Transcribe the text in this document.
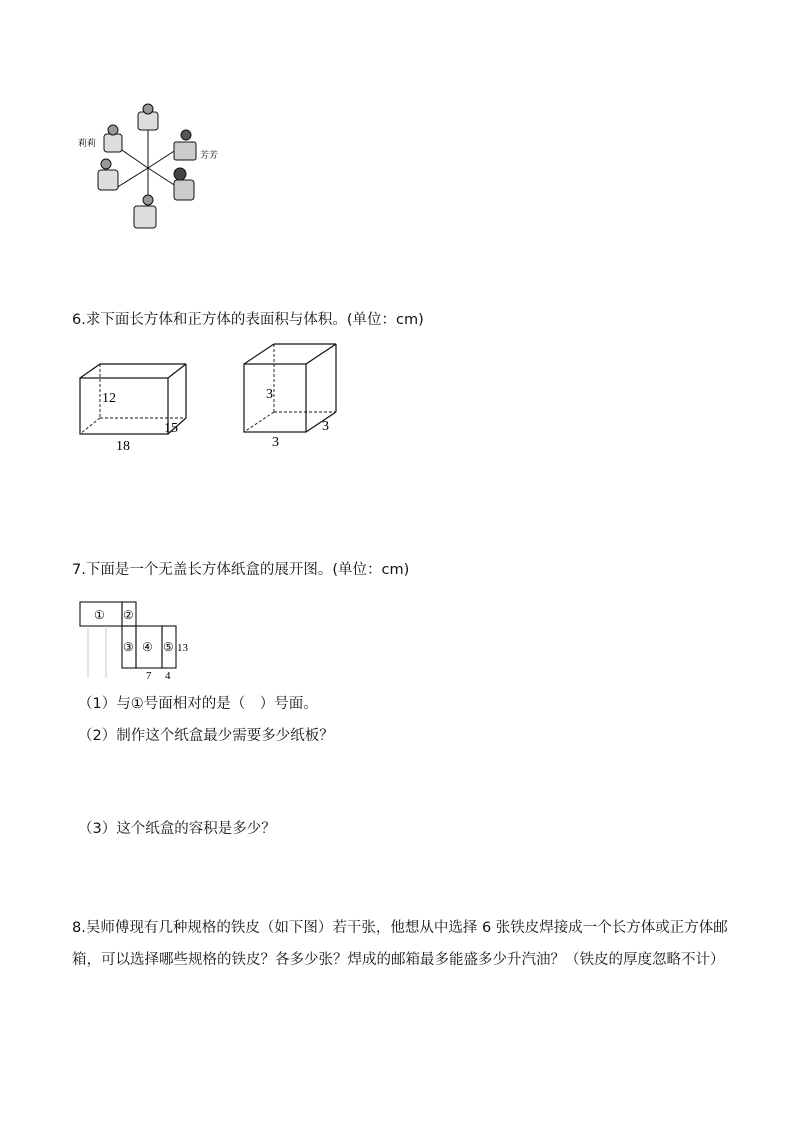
莉莉
芳芳
6.求下面长方体和正方体的表面积与体积。(单位：cm)
12
18
15
3
3
3
7.下面是一个无盖长方体纸盒的展开图。(单位：cm)
① ②
③ ④ ⑤ 13
7 4
（1）与①号面相对的是（　）号面。
（2）制作这个纸盒最少需要多少纸板？
（3）这个纸盒的容积是多少？
8.吴师傅现有几种规格的铁皮（如下图）若干张，他想从中选择 6 张铁皮焊接成一个长方体或正方体邮箱，可以选择哪些规格的铁皮？各多少张？焊成的邮箱最多能盛多少升汽油？（铁皮的厚度忽略不计）
